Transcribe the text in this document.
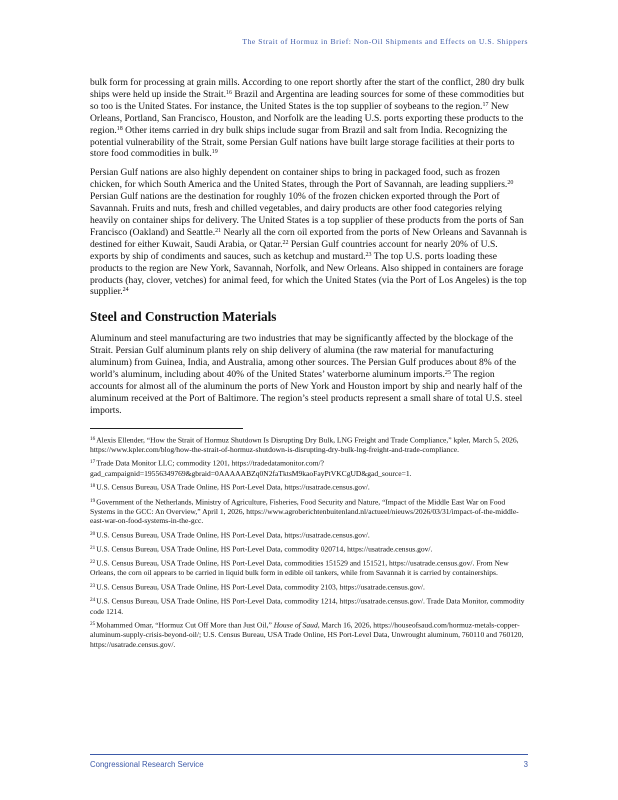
The Strait of Hormuz in Brief: Non-Oil Shipments and Effects on U.S. Shippers

bulk form for processing at grain mills. According to one report shortly after the start of the conflict, 280 dry bulk ships were held up inside the Strait.$^{16}$ Brazil and Argentina are leading sources for some of these commodities but so too is the United States. For instance, the United States is the top supplier of soybeans to the region.$^{17}$ New Orleans, Portland, San Francisco, Houston, and Norfolk are the leading U.S. ports exporting these products to the region.$^{18}$ Other items carried in dry bulk ships include sugar from Brazil and salt from India. Recognizing the potential vulnerability of the Strait, some Persian Gulf nations have built large storage facilities at their ports to store food commodities in bulk.$^{19}$

Persian Gulf nations are also highly dependent on container ships to bring in packaged food, such as frozen chicken, for which South America and the United States, through the Port of Savannah, are leading suppliers.$^{20}$ Persian Gulf nations are the destination for roughly 10% of the frozen chicken exported through the Port of Savannah. Fruits and nuts, fresh and chilled vegetables, and dairy products are other food categories relying heavily on container ships for delivery. The United States is a top supplier of these products from the ports of San Francisco (Oakland) and Seattle.$^{21}$ Nearly all the corn oil exported from the ports of New Orleans and Savannah is destined for either Kuwait, Saudi Arabia, or Qatar.$^{22}$ Persian Gulf countries account for nearly 20% of U.S. exports by ship of condiments and sauces, such as ketchup and mustard.$^{23}$ The top U.S. ports loading these products to the region are New York, Savannah, Norfolk, and New Orleans. Also shipped in containers are forage products (hay, clover, vetches) for animal feed, for which the United States (via the Port of Los Angeles) is the top supplier.$^{24}$

Steel and Construction Materials

Aluminum and steel manufacturing are two industries that may be significantly affected by the blockage of the Strait. Persian Gulf aluminum plants rely on ship delivery of alumina (the raw material for manufacturing aluminum) from Guinea, India, and Australia, among other sources. The Persian Gulf produces about 8% of the world’s aluminum, including about 40% of the United States’ waterborne aluminum imports.$^{25}$ The region accounts for almost all of the aluminum the ports of New York and Houston import by ship and nearly half of the aluminum received at the Port of Baltimore. The region’s steel products represent a small share of total U.S. steel imports.

$^{16}$Alexis Ellender, “How the Strait of Hormuz Shutdown Is Disrupting Dry Bulk, LNG Freight and Trade Compliance,” kpler, March 5, 2026, https://www.kpler.com/blog/how-the-strait-of-hormuz-shutdown-is-disrupting-dry-bulk-lng-freight-and-trade-compliance.

$^{17}$Trade Data Monitor LLC; commodity 1201, https://tradedatamonitor.com/?gad_campaignid=19556349769&gbraid=0AAAAABZq0N2faTktsM9kaoFayPtVKCgUD&gad_source=1.

$^{18}$U.S. Census Bureau, USA Trade Online, HS Port-Level Data, https://usatrade.census.gov/.

$^{19}$Government of the Netherlands, Ministry of Agriculture, Fisheries, Food Security and Nature, “Impact of the Middle East War on Food Systems in the GCC: An Overview,” April 1, 2026, https://www.agroberichtenbuitenland.nl/actueel/nieuws/2026/03/31/impact-of-the-middle-east-war-on-food-systems-in-the-gcc.

$^{20}$U.S. Census Bureau, USA Trade Online, HS Port-Level Data, https://usatrade.census.gov/.

$^{21}$U.S. Census Bureau, USA Trade Online, HS Port-Level Data, commodity 020714, https://usatrade.census.gov/.

$^{22}$U.S. Census Bureau, USA Trade Online, HS Port-Level Data, commodities 151529 and 151521, https://usatrade.census.gov/. From New Orleans, the corn oil appears to be carried in liquid bulk form in edible oil tankers, while from Savannah it is carried by containerships.

$^{23}$U.S. Census Bureau, USA Trade Online, HS Port-Level Data, commodity 2103, https://usatrade.census.gov/.

$^{24}$U.S. Census Bureau, USA Trade Online, HS Port-Level Data, commodity 1214, https://usatrade.census.gov/. Trade Data Monitor, commodity code 1214.

$^{25}$Mohammed Omar, “Hormuz Cut Off More than Just Oil,” House of Saud, March 16, 2026, https://houseofsaud.com/hormuz-metals-copper-aluminum-supply-crisis-beyond-oil/; U.S. Census Bureau, USA Trade Online, HS Port-Level Data, Unwrought aluminum, 760110 and 760120, https://usatrade.census.gov/.

Congressional Research Service	3
